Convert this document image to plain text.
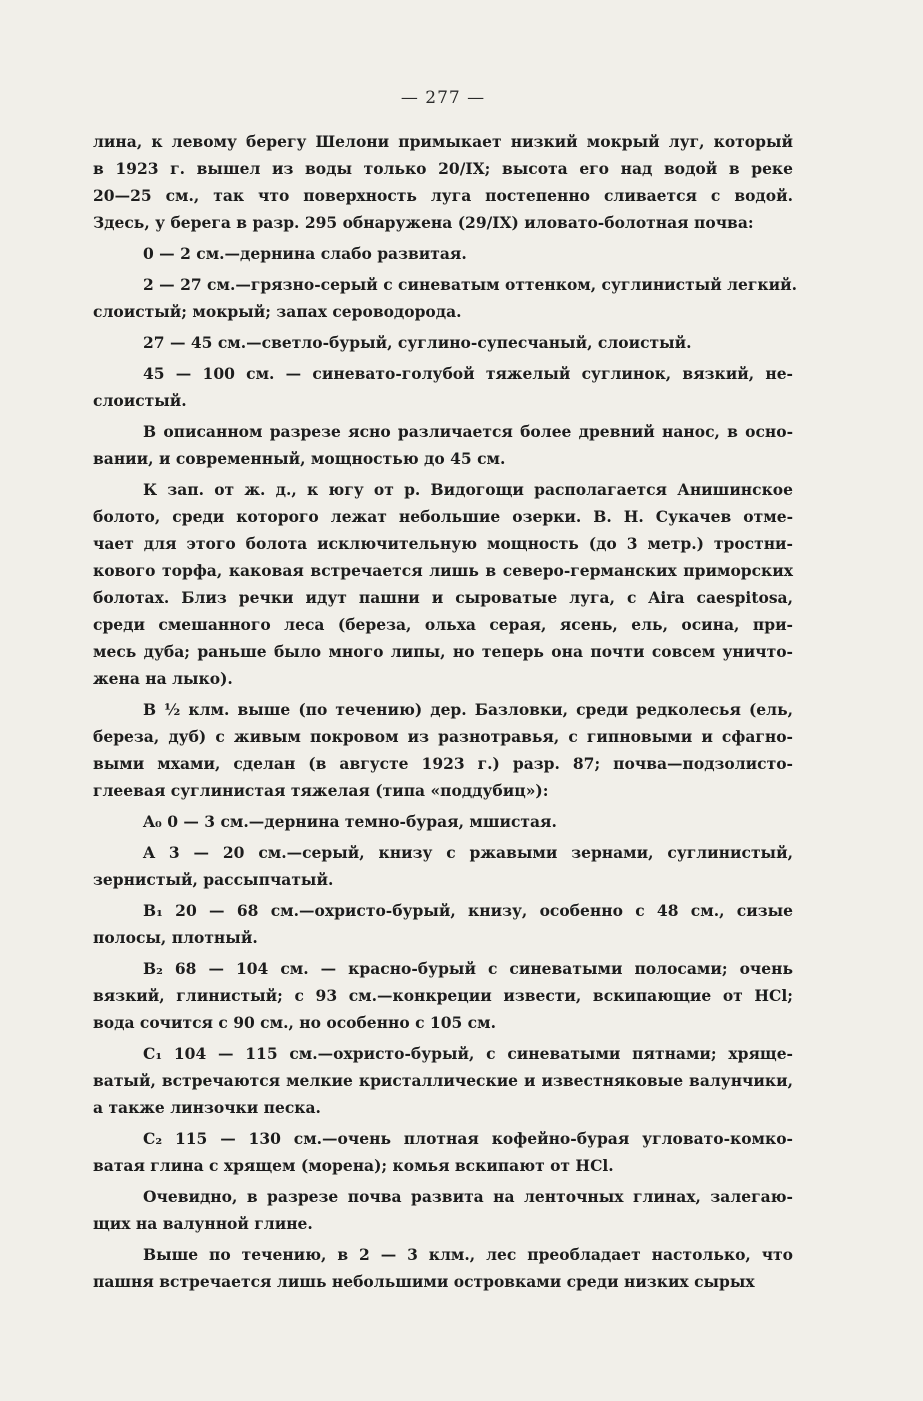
— 277 —
лина, к левому берегу Шелони примыкает низкий мокрый луг, который
в 1923 г. вышел из воды только 20/IX; высота его над водой в реке
20—25 см., так что поверхность луга постепенно сливается с водой.
Здесь, у берега в разр. 295 обнаружена (29/IX) иловато-болотная почва:
0 — 2 см.—дернина слабо развитая.
2 — 27 см.—грязно-серый с синеватым оттенком, суглинистый легкий.
слоистый; мокрый; запах сероводорода.
27 — 45 см.—светло-бурый, суглино-супесчаный, слоистый.
45 — 100 см. — синевато-голубой тяжелый суглинок, вязкий, не-
слоистый.
В описанном разрезе ясно различается более древний нанос, в осно-
вании, и современный, мощностью до 45 см.
К зап. от ж. д., к югу от р. Видогощи располагается Анишинское
болото, среди которого лежат небольшие озерки. В. Н. Сукачев отме-
чает для этого болота исключительную мощность (до 3 метр.) тростни-
кового торфа, каковая встречается лишь в северо-германских приморских
болотах. Близ речки идут пашни и сыроватые луга, с Aira caespitosa,
среди смешанного леса (береза, ольха серая, ясень, ель, осина, при-
месь дуба; раньше было много липы, но теперь она почти совсем уничто-
жена на лыко).
В ½ клм. выше (по течению) дер. Базловки, среди редколесья (ель,
береза, дуб) с живым покровом из разнотравья, с гипновыми и сфагно-
выми мхами, сделан (в августе 1923 г.) разр. 87; почва—подзолисто-
глеевая суглинистая тяжелая (типа «поддубиц»):
A₀ 0 — 3 см.—дернина темно-бурая, мшистая.
A 3 — 20 см.—серый, книзу с ржавыми зернами, суглинистый,
зернистый, рассыпчатый.
B₁ 20 — 68 см.—охристо-бурый, книзу, особенно с 48 см., сизые
полосы, плотный.
B₂ 68 — 104 см. — красно-бурый с синеватыми полосами; очень
вязкий, глинистый; с 93 см.—конкреции извести, вскипающие от HCl;
вода сочится с 90 см., но особенно с 105 см.
C₁ 104 — 115 см.—охристо-бурый, с синеватыми пятнами; хряще-
ватый, встречаются мелкие кристаллические и известняковые валунчики,
а также линзочки песка.
C₂ 115 — 130 см.—очень плотная кофейно-бурая угловато-комко-
ватая глина с хрящем (морена); комья вскипают от HCl.
Очевидно, в разрезе почва развита на ленточных глинах, залегаю-
щих на валунной глине.
Выше по течению, в 2 — 3 клм., лес преобладает настолько, что
пашня встречается лишь небольшими островками среди низких сырых
